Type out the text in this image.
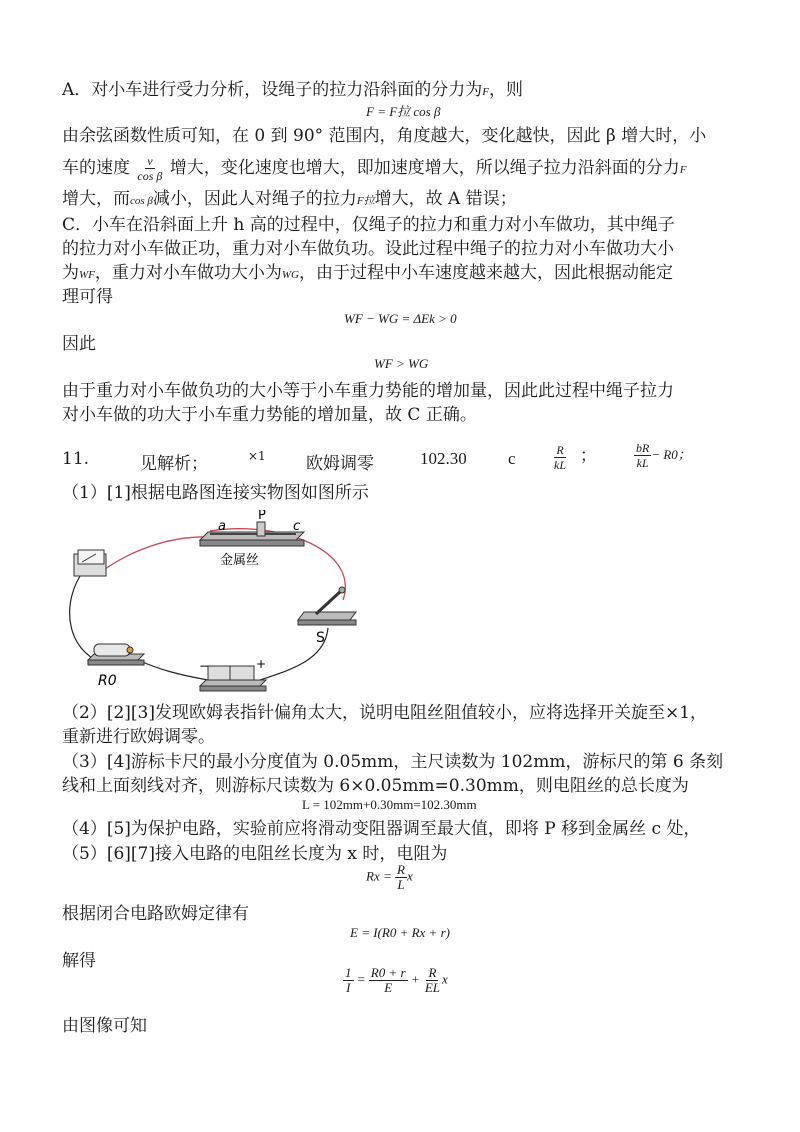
A．对小车进行受力分析，设绳子的拉力沿斜面的分力为F，则
F = F拉 cos β
由余弦函数性质可知，在 0 到 90° 范围内，角度越大，变化越快，因此 β 增大时，小
车的速度 $\frac{v}{\text{cos β}}$ 增大，变化速度也增大，即加速度增大，所以绳子拉力沿斜面的分力F
增大，而cos β减小，因此人对绳子的拉力F拉增大，故 A 错误；
C．小车在沿斜面上升 h 高的过程中，仅绳子的拉力和重力对小车做功，其中绳子
的拉力对小车做正功，重力对小车做负功。设此过程中绳子的拉力对小车做功大小
为WF，重力对小车做功大小为WG，由于过程中小车速度越来越大，因此根据动能定
理可得
WF − WG = ΔEk > 0
因此
WF > WG
由于重力对小车做负功的大小等于小车重力势能的增加量，因此此过程中绳子拉力
对小车做的功大于小车重力势能的增加量，故 C 正确。
11.	见解析；	×1 欧姆调零	102.30 c	$\frac{R}{kL}$ ；	$\frac{bR}{kL} - R0$；
（1）[1]根据电路图连接实物图如图所示
a
P
c
金属丝
S
R0
−	+
（2）[2][3]发现欧姆表指针偏角太大，说明电阻丝阻值较小，应将选择开关旋至×1，
重新进行欧姆调零。
（3）[4]游标卡尺的最小分度值为 0.05mm，主尺读数为 102mm，游标尺的第 6 条刻
线和上面刻线对齐，则游标尺读数为 6×0.05mm=0.30mm，则电阻丝的总长度为
L = 102mm+0.30mm=102.30mm
（4）[5]为保护电路，实验前应将滑动变阻器调至最大值，即将 P 移到金属丝 c 处，
（5）[6][7]接入电路的电阻丝长度为 x 时，电阻为
$Rx = \frac{R}{L}$ x
根据闭合电路欧姆定律有
E = I(R0 + Rx + r)
解得
$\frac{1}{I} = \frac{R0 + r}{E} + \frac{R}{EL}$ x
由图像可知
